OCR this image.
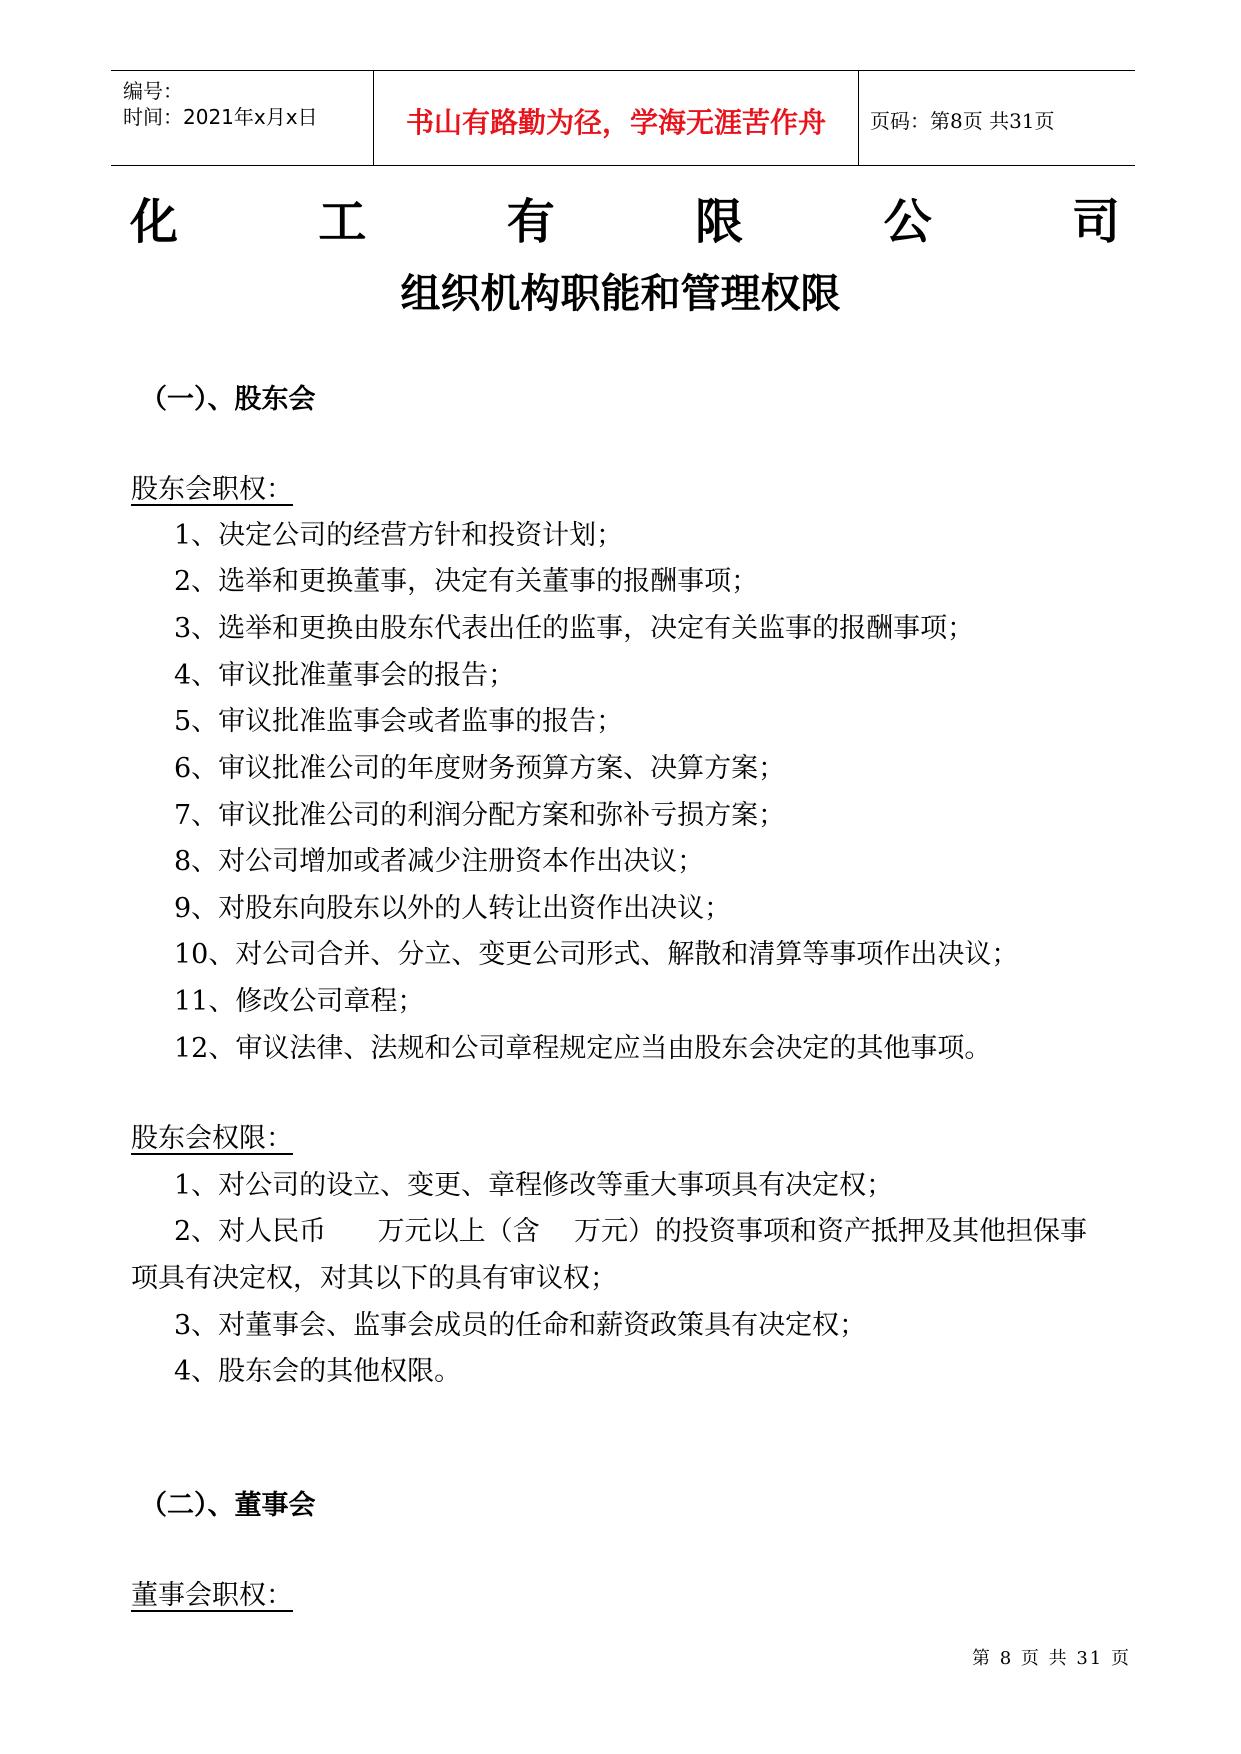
编号：
时间：2021年x月x日	书山有路勤为径，学海无涯苦作舟	页码：第8页 共31页
化	工	有	限	公	司
组织机构职能和管理权限
（一）、股东会
股东会职权：
1、决定公司的经营方针和投资计划；
2、选举和更换董事，决定有关董事的报酬事项；
3、选举和更换由股东代表出任的监事，决定有关监事的报酬事项；
4、审议批准董事会的报告；
5、审议批准监事会或者监事的报告；
6、审议批准公司的年度财务预算方案、决算方案；
7、审议批准公司的利润分配方案和弥补亏损方案；
8、对公司增加或者减少注册资本作出决议；
9、对股东向股东以外的人转让出资作出决议；
10、对公司合并、分立、变更公司形式、解散和清算等事项作出决议；
11、修改公司章程；
12、审议法律、法规和公司章程规定应当由股东会决定的其他事项。
股东会权限：
1、对公司的设立、变更、章程修改等重大事项具有决定权；
2、对人民币      万元以上（含    万元）的投资事项和资产抵押及其他担保事
项具有决定权，对其以下的具有审议权；
3、对董事会、监事会成员的任命和薪资政策具有决定权；
4、股东会的其他权限。
（二）、董事会
董事会职权：
第 8 页 共 31 页
